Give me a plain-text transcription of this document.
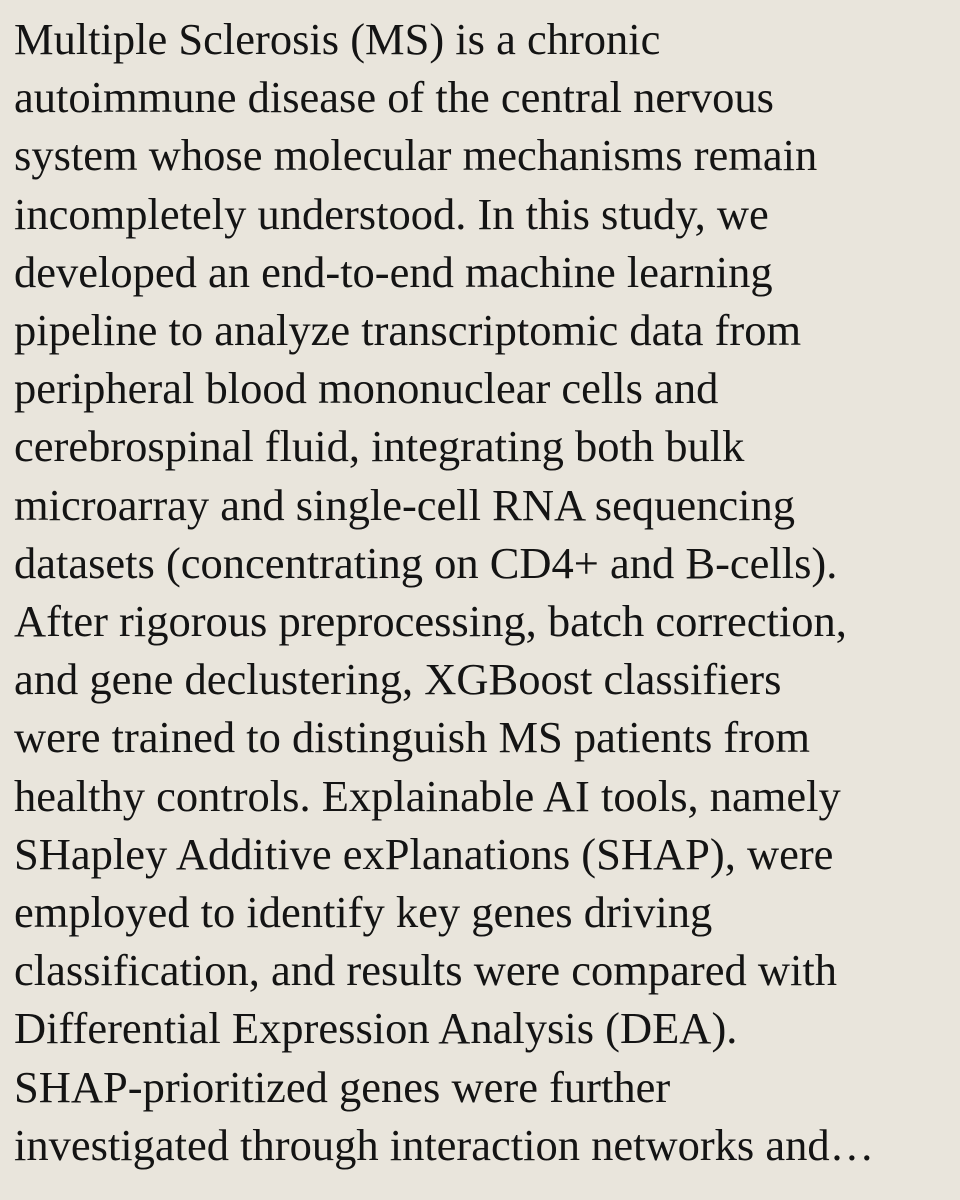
Multiple Sclerosis (MS) is a chronic
autoimmune disease of the central nervous
system whose molecular mechanisms remain
incompletely understood. In this study, we
developed an end-to-end machine learning
pipeline to analyze transcriptomic data from
peripheral blood mononuclear cells and
cerebrospinal fluid, integrating both bulk
microarray and single-cell RNA sequencing
datasets (concentrating on CD4+ and B-cells).
After rigorous preprocessing, batch correction,
and gene declustering, XGBoost classifiers
were trained to distinguish MS patients from
healthy controls. Explainable AI tools, namely
SHapley Additive exPlanations (SHAP), were
employed to identify key genes driving
classification, and results were compared with
Differential Expression Analysis (DEA).
SHAP-prioritized genes were further
investigated through interaction networks and…
